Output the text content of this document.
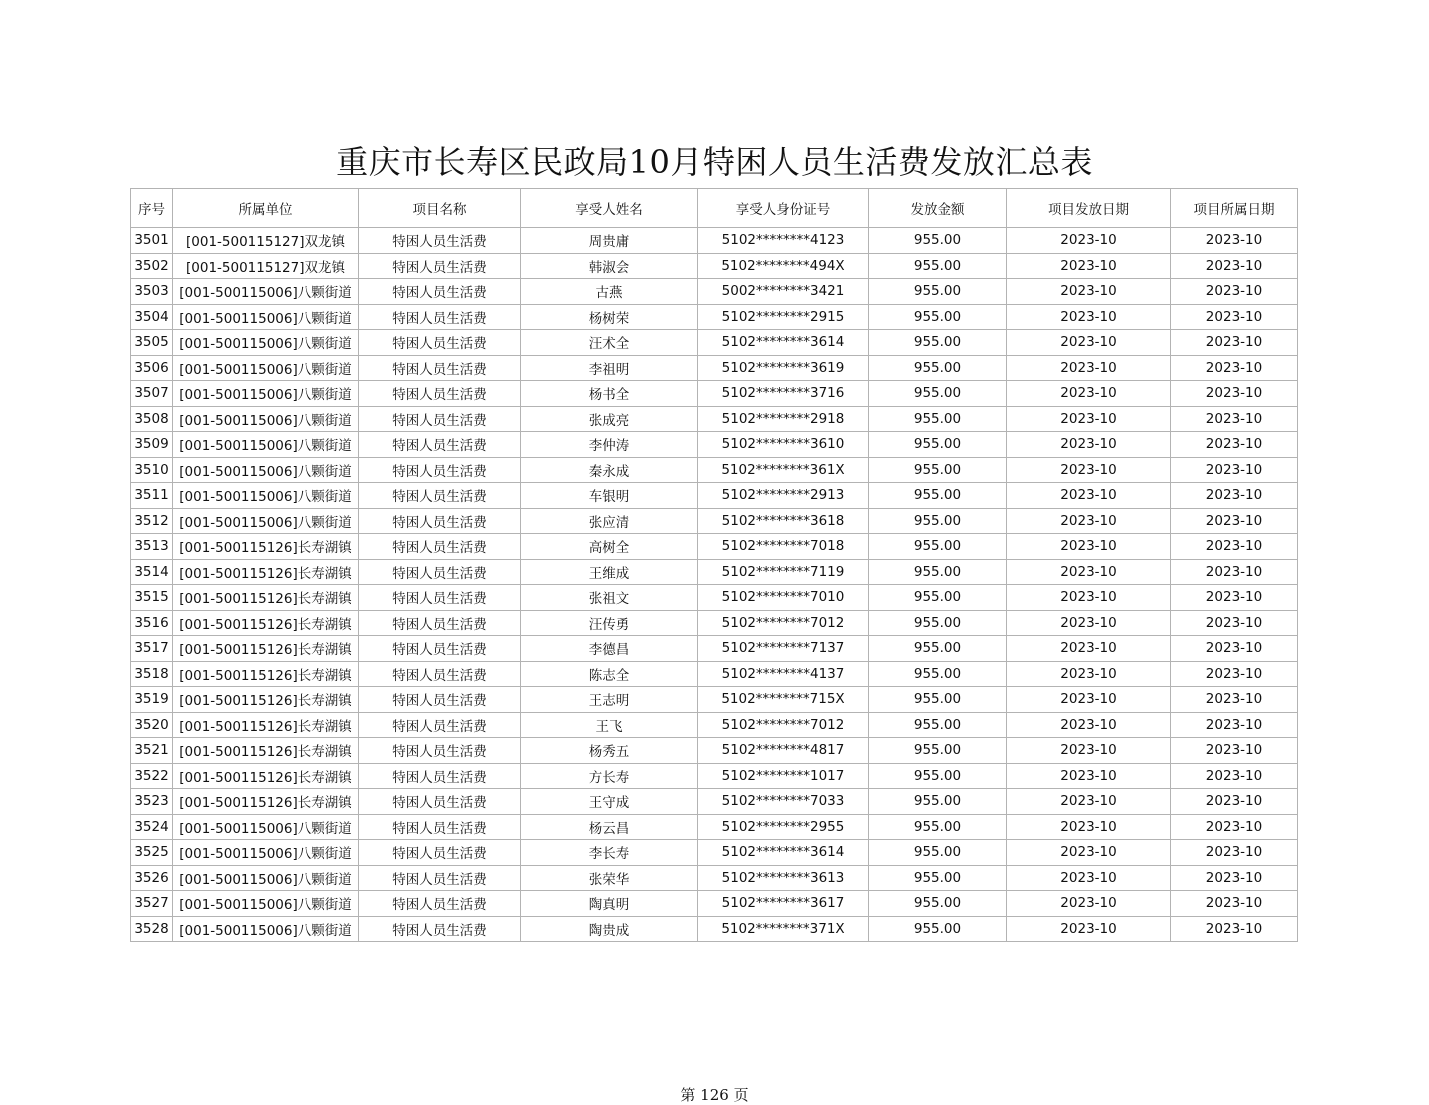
重庆市长寿区民政局10月特困人员生活费发放汇总表
序号	所属单位	项目名称	享受人姓名	享受人身份证号	发放金额	项目发放日期	项目所属日期
3501	[001-500115127]双龙镇	特困人员生活费	周贵庸	5102********4123	955.00	2023-10	2023-10
3502	[001-500115127]双龙镇	特困人员生活费	韩淑会	5102********494X	955.00	2023-10	2023-10
3503	[001-500115006]八颗街道	特困人员生活费	古燕	5002********3421	955.00	2023-10	2023-10
3504	[001-500115006]八颗街道	特困人员生活费	杨树荣	5102********2915	955.00	2023-10	2023-10
3505	[001-500115006]八颗街道	特困人员生活费	汪术全	5102********3614	955.00	2023-10	2023-10
3506	[001-500115006]八颗街道	特困人员生活费	李祖明	5102********3619	955.00	2023-10	2023-10
3507	[001-500115006]八颗街道	特困人员生活费	杨书全	5102********3716	955.00	2023-10	2023-10
3508	[001-500115006]八颗街道	特困人员生活费	张成亮	5102********2918	955.00	2023-10	2023-10
3509	[001-500115006]八颗街道	特困人员生活费	李仲涛	5102********3610	955.00	2023-10	2023-10
3510	[001-500115006]八颗街道	特困人员生活费	秦永成	5102********361X	955.00	2023-10	2023-10
3511	[001-500115006]八颗街道	特困人员生活费	车银明	5102********2913	955.00	2023-10	2023-10
3512	[001-500115006]八颗街道	特困人员生活费	张应清	5102********3618	955.00	2023-10	2023-10
3513	[001-500115126]长寿湖镇	特困人员生活费	高树全	5102********7018	955.00	2023-10	2023-10
3514	[001-500115126]长寿湖镇	特困人员生活费	王维成	5102********7119	955.00	2023-10	2023-10
3515	[001-500115126]长寿湖镇	特困人员生活费	张祖文	5102********7010	955.00	2023-10	2023-10
3516	[001-500115126]长寿湖镇	特困人员生活费	汪传勇	5102********7012	955.00	2023-10	2023-10
3517	[001-500115126]长寿湖镇	特困人员生活费	李德昌	5102********7137	955.00	2023-10	2023-10
3518	[001-500115126]长寿湖镇	特困人员生活费	陈志全	5102********4137	955.00	2023-10	2023-10
3519	[001-500115126]长寿湖镇	特困人员生活费	王志明	5102********715X	955.00	2023-10	2023-10
3520	[001-500115126]长寿湖镇	特困人员生活费	王飞	5102********7012	955.00	2023-10	2023-10
3521	[001-500115126]长寿湖镇	特困人员生活费	杨秀五	5102********4817	955.00	2023-10	2023-10
3522	[001-500115126]长寿湖镇	特困人员生活费	方长寿	5102********1017	955.00	2023-10	2023-10
3523	[001-500115126]长寿湖镇	特困人员生活费	王守成	5102********7033	955.00	2023-10	2023-10
3524	[001-500115006]八颗街道	特困人员生活费	杨云昌	5102********2955	955.00	2023-10	2023-10
3525	[001-500115006]八颗街道	特困人员生活费	李长寿	5102********3614	955.00	2023-10	2023-10
3526	[001-500115006]八颗街道	特困人员生活费	张荣华	5102********3613	955.00	2023-10	2023-10
3527	[001-500115006]八颗街道	特困人员生活费	陶真明	5102********3617	955.00	2023-10	2023-10
3528	[001-500115006]八颗街道	特困人员生活费	陶贵成	5102********371X	955.00	2023-10	2023-10
第 126 页
